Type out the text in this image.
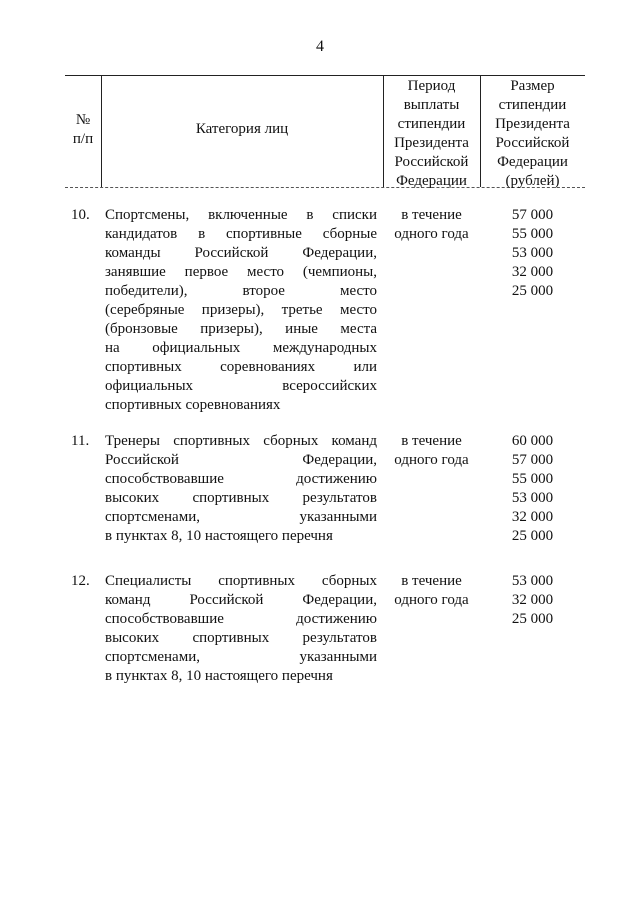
4
№
п/п
Категория лиц
Период
выплаты
стипендии
Президента
Российской
Федерации
Размер
стипендии
Президента
Российской
Федерации
(рублей)
10. Спортсмены, включенные в списки
кандидатов в спортивные сборные
команды Российской Федерации,
занявшие первое место (чемпионы,
победители), второе место
(серебряные призеры), третье место
(бронзовые призеры), иные места
на официальных международных
спортивных соревнованиях или
официальных всероссийских
спортивных соревнованиях
в течение
одного года
57 000
55 000
53 000
32 000
25 000
11. Тренеры спортивных сборных команд
Российской Федерации,
способствовавшие достижению
высоких спортивных результатов
спортсменами, указанными
в пунктах 8, 10 настоящего перечня
в течение
одного года
60 000
57 000
55 000
53 000
32 000
25 000
12. Специалисты спортивных сборных
команд Российской Федерации,
способствовавшие достижению
высоких спортивных результатов
спортсменами, указанными
в пунктах 8, 10 настоящего перечня
в течение
одного года
53 000
32 000
25 000
